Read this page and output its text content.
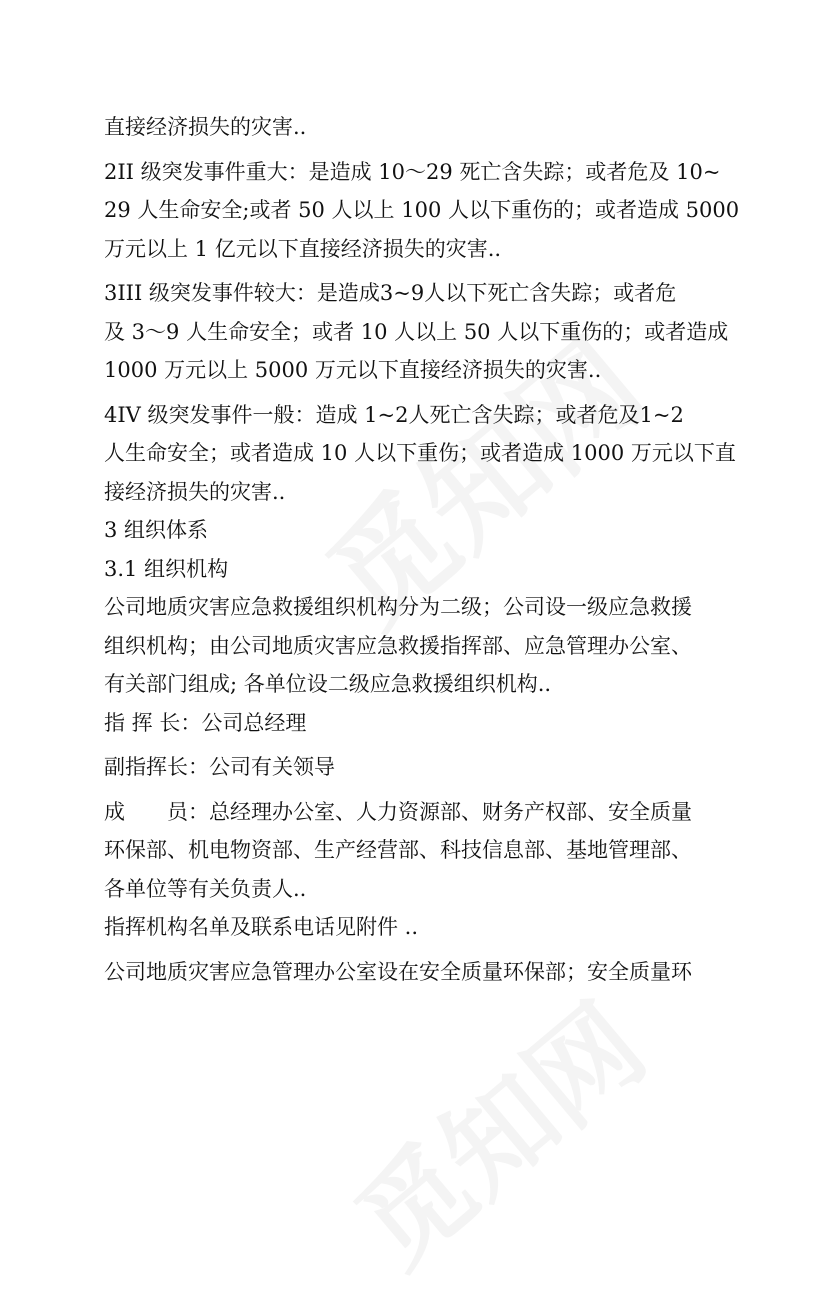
直接经济损失的灾害..
2II 级突发事件重大：是造成 10～29 死亡含失踪；或者危及 10~
29 人生命安全;或者 50 人以上 100 人以下重伤的；或者造成 5000
万元以上 1 亿元以下直接经济损失的灾害..
3III 级突发事件较大：是造成3~9人以下死亡含失踪；或者危
及 3～9 人生命安全；或者 10 人以上 50 人以下重伤的；或者造成
1000 万元以上 5000 万元以下直接经济损失的灾害..
4IV 级突发事件一般：造成 1~2人死亡含失踪；或者危及1~2
人生命安全；或者造成 10 人以下重伤；或者造成 1000 万元以下直
接经济损失的灾害..
3 组织体系
3.1 组织机构
公司地质灾害应急救援组织机构分为二级；公司设一级应急救援
组织机构；由公司地质灾害应急救援指挥部、应急管理办公室、
有关部门组成; 各单位设二级应急救援组织机构..
指 挥 长：公司总经理
副指挥长：公司有关领导
成　　员：总经理办公室、人力资源部、财务产权部、安全质量
环保部、机电物资部、生产经营部、科技信息部、基地管理部、
各单位等有关负责人..
指挥机构名单及联系电话见附件 ..
公司地质灾害应急管理办公室设在安全质量环保部；安全质量环
